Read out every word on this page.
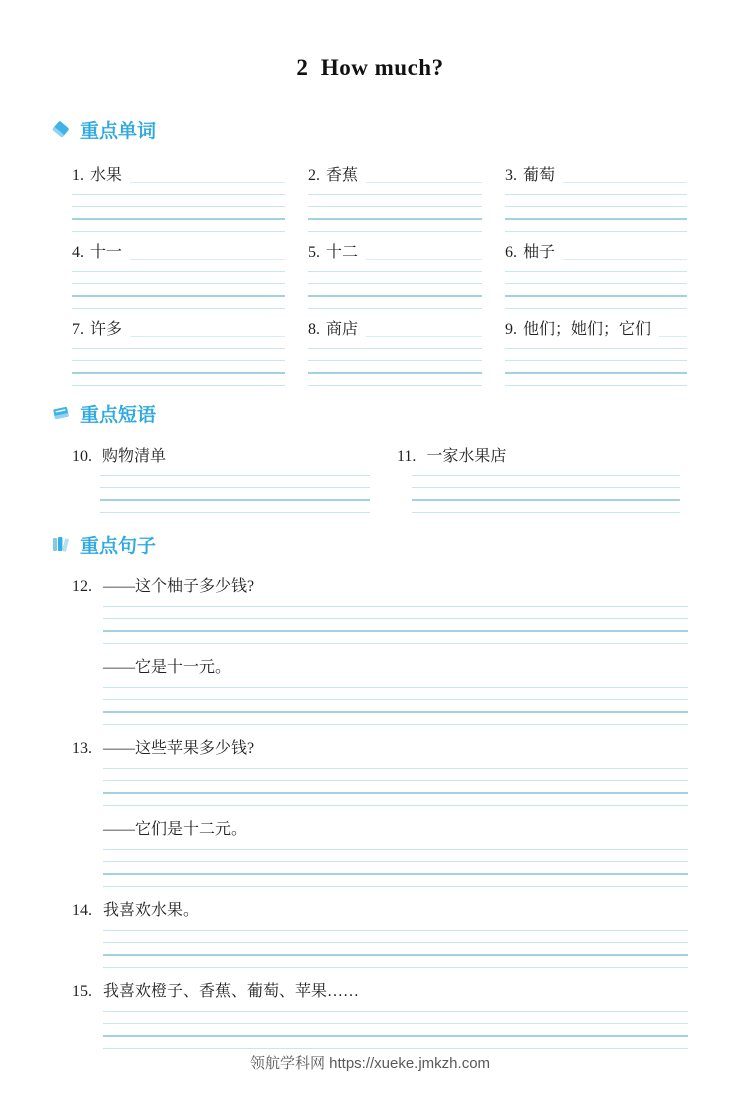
2  How much?
重点单词
1. 水果	2. 香蕉	3. 葡萄
4. 十一	5. 十二	6. 柚子
7. 许多	8. 商店	9. 他们；她们；它们
重点短语
10. 购物清单	11. 一家水果店
重点句子
12. ——这个柚子多少钱?
——它是十一元。
13. ——这些苹果多少钱?
——它们是十二元。
14. 我喜欢水果。
15. 我喜欢橙子、香蕉、葡萄、苹果……
领航学科网 https://xueke.jmkzh.com
